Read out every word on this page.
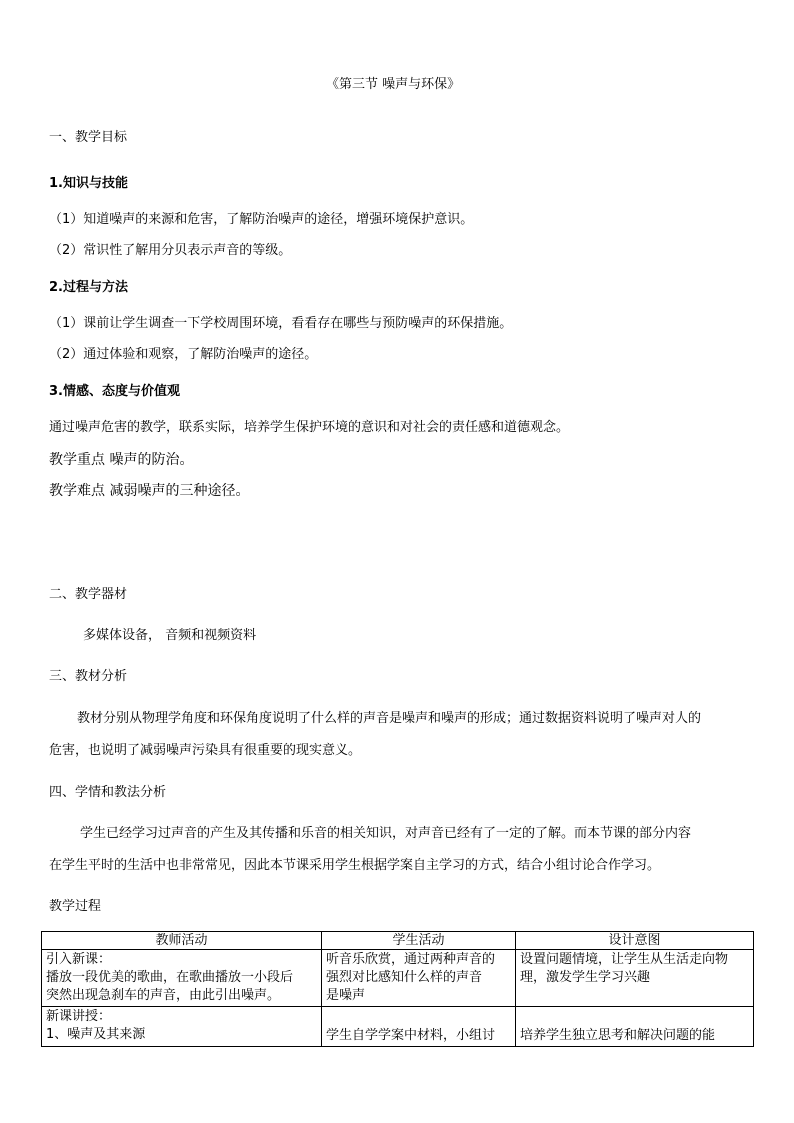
《第三节 噪声与环保》
一、教学目标
1.知识与技能
（1）知道噪声的来源和危害，了解防治噪声的途径，增强环境保护意识。
（2）常识性了解用分贝表示声音的等级。
2.过程与方法
（1）课前让学生调查一下学校周围环境，看看存在哪些与预防噪声的环保措施。
（2）通过体验和观察，了解防治噪声的途径。
3.情感、态度与价值观
通过噪声危害的教学，联系实际，培养学生保护环境的意识和对社会的责任感和道德观念。
教学重点 噪声的防治。
教学难点 减弱噪声的三种途径。
二、教学器材
多媒体设备， 音频和视频资料
三、教材分析
教材分别从物理学角度和环保角度说明了什么样的声音是噪声和噪声的形成；通过数据资料说明了噪声对人的
危害，也说明了减弱噪声污染具有很重要的现实意义。
四、学情和教法分析
学生已经学习过声音的产生及其传播和乐音的相关知识，对声音已经有了一定的了解。而本节课的部分内容
在学生平时的生活中也非常常见，因此本节课采用学生根据学案自主学习的方式，结合小组讨论合作学习。
教学过程
教师活动	学生活动	设计意图

引入新课：
播放一段优美的歌曲，在歌曲播放一小段后
突然出现急刹车的声音，由此引出噪声。	听音乐欣赏，通过两种声音的
强烈对比感知什么样的声音
是噪声	设置问题情境，让学生从生活走向物
理，激发学生学习兴趣

新课讲授：
1、噪声及其来源	学生自学学案中材料，小组讨	培养学生独立思考和解决问题的能
